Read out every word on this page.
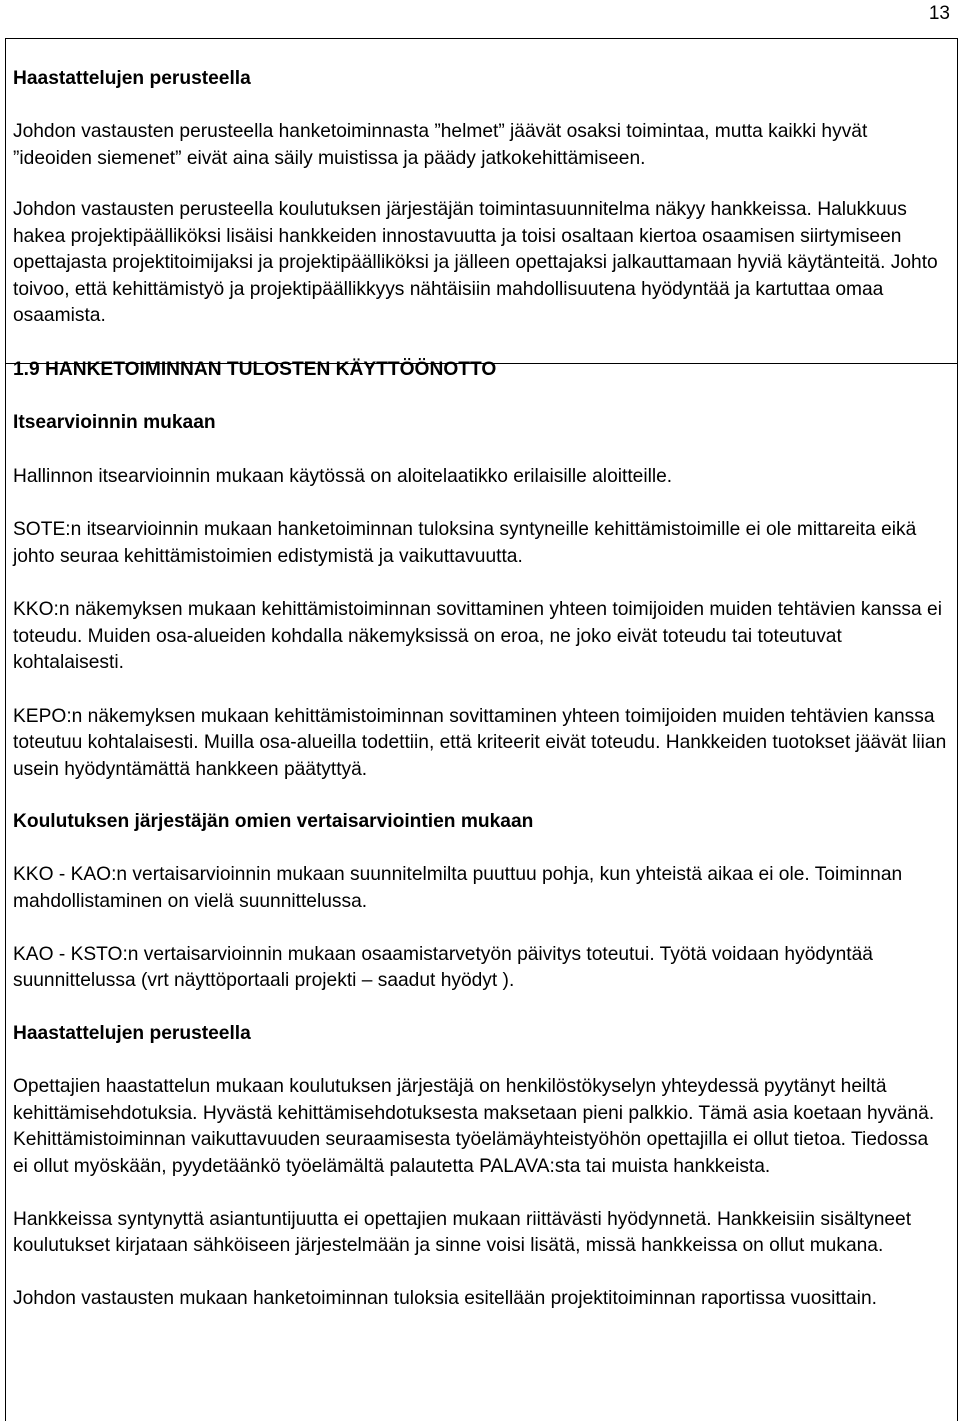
13

Haastattelujen perusteella

Johdon vastausten perusteella hanketoiminnasta ”helmet” jäävät osaksi toimintaa, mutta kaikki hyvät ”ideoiden siemenet” eivät aina säily muistissa ja päädy jatkokehittämiseen.

Johdon vastausten perusteella koulutuksen järjestäjän toimintasuunnitelma näkyy hankkeissa. Halukkuus hakea projektipäälliköksi lisäisi hankkeiden innostavuutta ja toisi osaltaan kiertoa osaamisen siirtymiseen opettajasta projektitoimijaksi ja projektipäälliköksi ja jälleen opettajaksi jalkauttamaan hyviä käytänteitä. Johto toivoo, että kehittämistyö ja projektipäällikkyys nähtäisiin mahdollisuutena hyödyntää ja kartuttaa omaa osaamista.

1.9 HANKETOIMINNAN TULOSTEN KÄYTTÖÖNOTTO

Itsearvioinnin mukaan

Hallinnon itsearvioinnin mukaan käytössä on aloitelaatikko erilaisille aloitteille.

SOTE:n itsearvioinnin mukaan hanketoiminnan tuloksina syntyneille kehittämistoimille ei ole mittareita eikä johto seuraa kehittämistoimien edistymistä ja vaikuttavuutta.

KKO:n näkemyksen mukaan kehittämistoiminnan sovittaminen yhteen toimijoiden muiden tehtävien kanssa ei toteudu. Muiden osa-alueiden kohdalla näkemyksissä on eroa, ne joko eivät toteudu tai toteutuvat kohtalaisesti.

KEPO:n näkemyksen mukaan kehittämistoiminnan sovittaminen yhteen toimijoiden muiden tehtävien kanssa toteutuu kohtalaisesti. Muilla osa-alueilla todettiin, että kriteerit eivät toteudu. Hankkeiden tuotokset jäävät liian usein hyödyntämättä hankkeen päätyttyä.

Koulutuksen järjestäjän omien vertaisarviointien mukaan

KKO - KAO:n vertaisarvioinnin mukaan suunnitelmilta puuttuu pohja, kun yhteistä aikaa ei ole. Toiminnan mahdollistaminen on vielä suunnittelussa.

KAO - KSTO:n vertaisarvioinnin mukaan osaamistarvetyön päivitys toteutui. Työtä voidaan hyödyntää suunnittelussa (vrt näyttöportaali projekti – saadut hyödyt ).

Haastattelujen perusteella

Opettajien haastattelun mukaan koulutuksen järjestäjä on henkilöstökyselyn yhteydessä pyytänyt heiltä kehittämisehdotuksia. Hyvästä kehittämisehdotuksesta maksetaan pieni palkkio. Tämä asia koetaan hyvänä. Kehittämistoiminnan vaikuttavuuden seuraamisesta työelämäyhteistyöhön opettajilla ei ollut tietoa. Tiedossa ei ollut myöskään, pyydetäänkö työelämältä palautetta PALAVA:sta tai muista hankkeista.

Hankkeissa syntynyttä asiantuntijuutta ei opettajien mukaan riittävästi hyödynnetä. Hankkeisiin sisältyneet koulutukset kirjataan sähköiseen järjestelmään ja sinne voisi lisätä, missä hankkeissa on ollut mukana.

Johdon vastausten mukaan hanketoiminnan tuloksia esitellään projektitoiminnan raportissa vuosittain.
